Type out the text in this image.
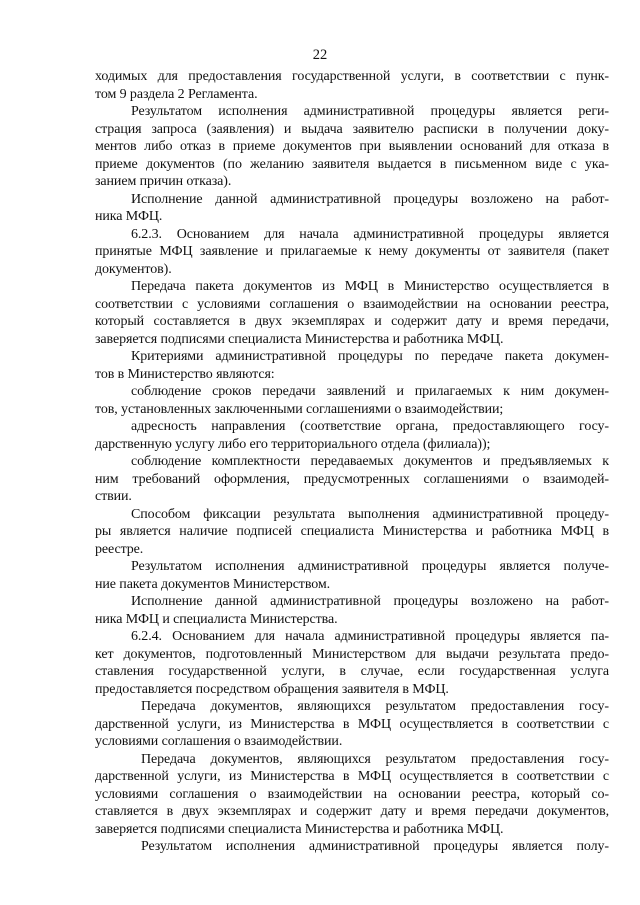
22
ходимых для предоставления государственной услуги, в соответствии с пунк-
том 9 раздела 2 Регламента.
Результатом исполнения административной процедуры является реги-
страция запроса (заявления) и выдача заявителю расписки в получении доку-
ментов либо отказ в приеме документов при выявлении оснований для отказа в
приеме документов (по желанию заявителя выдается в письменном виде с ука-
занием причин отказа).
Исполнение данной административной процедуры возложено на работ-
ника МФЦ.
6.2.3. Основанием для начала административной процедуры является
принятые МФЦ заявление и прилагаемые к нему документы от заявителя (пакет
документов).
Передача пакета документов из МФЦ в Министерство осуществляется в
соответствии с условиями соглашения о взаимодействии на основании реестра,
который составляется в двух экземплярах и содержит дату и время передачи,
заверяется подписями специалиста Министерства и работника МФЦ.
Критериями административной процедуры по передаче пакета докумен-
тов в Министерство являются:
соблюдение сроков передачи заявлений и прилагаемых к ним докумен-
тов, установленных заключенными соглашениями о взаимодействии;
адресность направления (соответствие органа, предоставляющего госу-
дарственную услугу либо его территориального отдела (филиала));
соблюдение комплектности передаваемых документов и предъявляемых к
ним требований оформления, предусмотренных соглашениями о взаимодей-
ствии.
Способом фиксации результата выполнения административной процеду-
ры является наличие подписей специалиста Министерства и работника МФЦ в
реестре.
Результатом исполнения административной процедуры является получе-
ние пакета документов Министерством.
Исполнение данной административной процедуры возложено на работ-
ника МФЦ и специалиста Министерства.
6.2.4. Основанием для начала административной процедуры является па-
кет документов, подготовленный Министерством для выдачи результата предо-
ставления государственной услуги, в случае, если государственная услуга
предоставляется посредством обращения заявителя в МФЦ.
Передача документов, являющихся результатом предоставления госу-
дарственной услуги, из Министерства в МФЦ осуществляется в соответствии с
условиями соглашения о взаимодействии.
Передача документов, являющихся результатом предоставления госу-
дарственной услуги, из Министерства в МФЦ осуществляется в соответствии с
условиями соглашения о взаимодействии на основании реестра, который со-
ставляется в двух экземплярах и содержит дату и время передачи документов,
заверяется подписями специалиста Министерства и работника МФЦ.
Результатом исполнения административной процедуры является полу-
